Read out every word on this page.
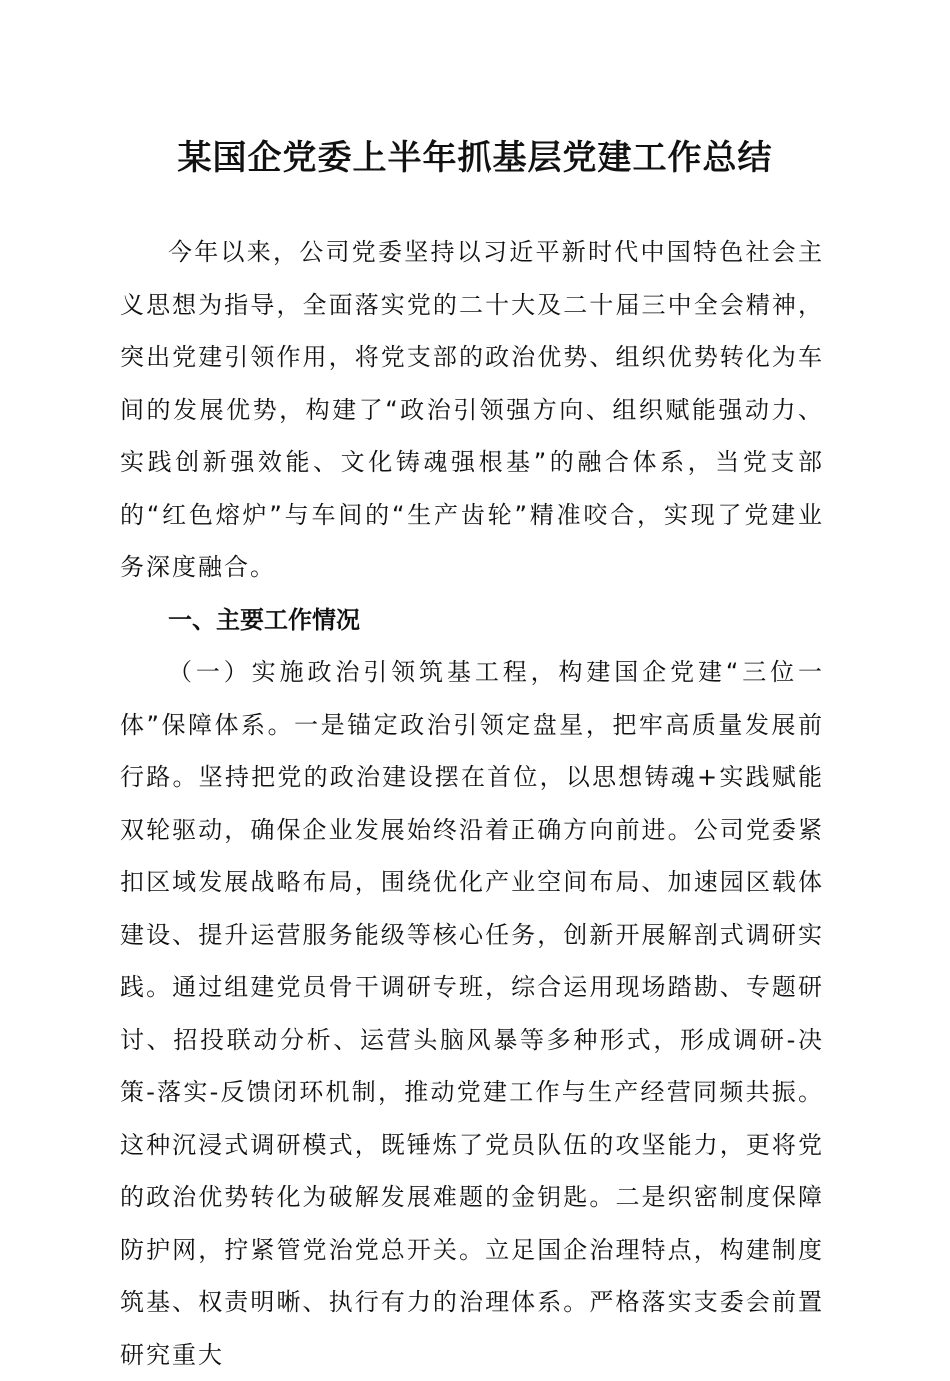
某国企党委上半年抓基层党建工作总结

今年以来，公司党委坚持以习近平新时代中国特色社会主义思想为指导，全面落实党的二十大及二十届三中全会精神，突出党建引领作用，将党支部的政治优势、组织优势转化为车间的发展优势，构建了“政治引领强方向、组织赋能强动力、实践创新强效能、文化铸魂强根基”的融合体系，当党支部的“红色熔炉”与车间的“生产齿轮”精准咬合，实现了党建业务深度融合。

一、主要工作情况

（一）实施政治引领筑基工程，构建国企党建“三位一体”保障体系。一是锚定政治引领定盘星，把牢高质量发展前行路。坚持把党的政治建设摆在首位，以思想铸魂+实践赋能双轮驱动，确保企业发展始终沿着正确方向前进。公司党委紧扣区域发展战略布局，围绕优化产业空间布局、加速园区载体建设、提升运营服务能级等核心任务，创新开展解剖式调研实践。通过组建党员骨干调研专班，综合运用现场踏勘、专题研讨、招投联动分析、运营头脑风暴等多种形式，形成调研-决策-落实-反馈闭环机制，推动党建工作与生产经营同频共振。这种沉浸式调研模式，既锤炼了党员队伍的攻坚能力，更将党的政治优势转化为破解发展难题的金钥匙。二是织密制度保障防护网，拧紧管党治党总开关。立足国企治理特点，构建制度筑基、权责明晰、执行有力的治理体系。严格落实支委会前置研究重大
